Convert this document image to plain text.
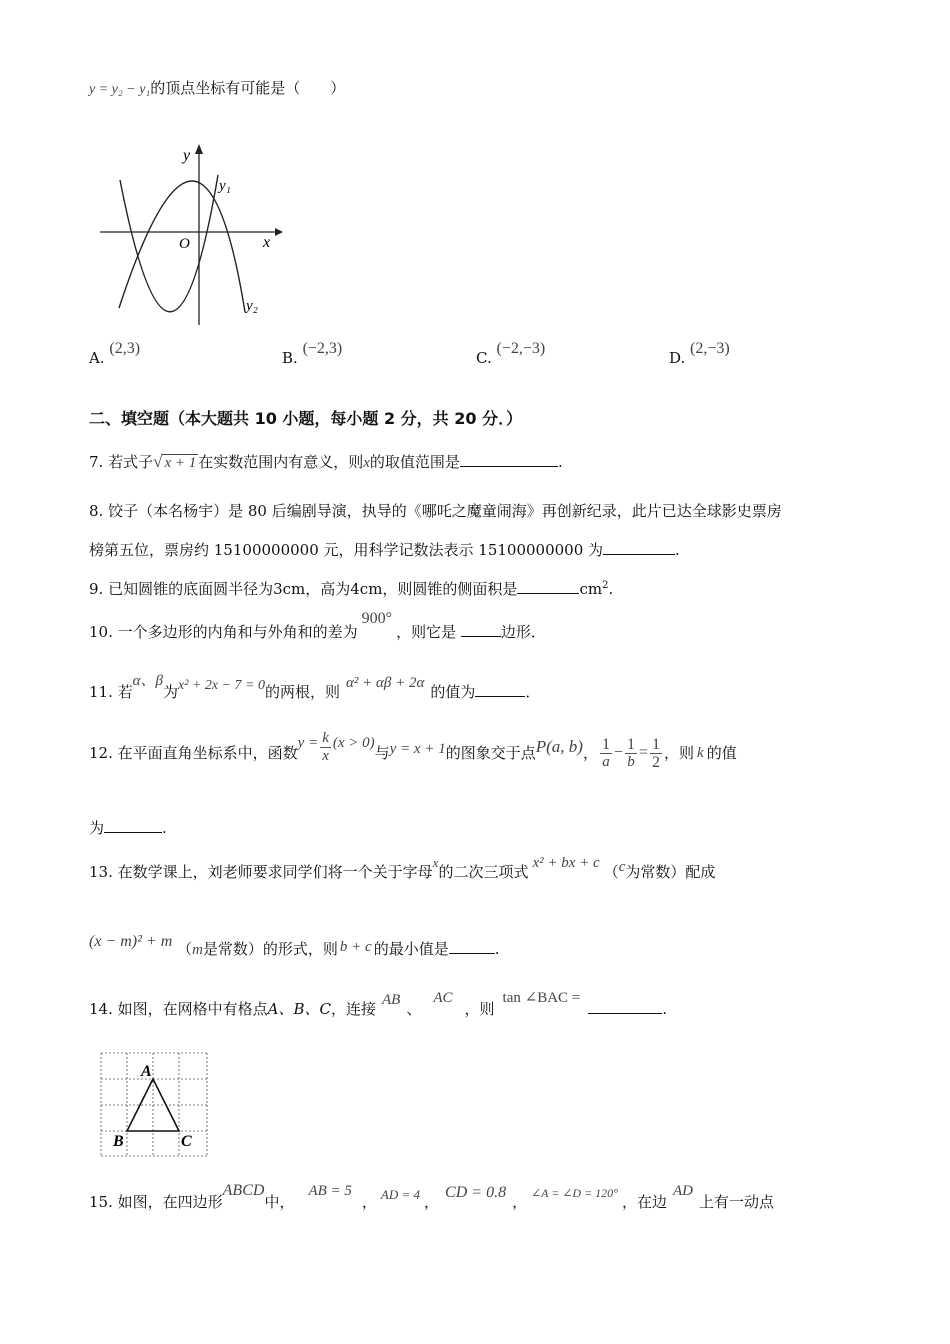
y = y₂ − y₁的顶点坐标有可能是（　　）
y
x
O
y₁
y₂
A. (2,3)
B. (−2,3)
C. (−2,−3)
D. (2,−3)
二、填空题（本大题共 10 小题，每小题 2 分，共 20 分．）
7. 若式子√ x + 1 在实数范围内有意义，则x的取值范围是	.
8. 饺子（本名杨宇）是 80 后编剧导演，执导的《哪吒之魔童闹海》再创新纪录，此片已达全球影史票房
榜第五位，票房约 15100000000 元，用科学记数法表示 15100000000 为	.
9. 已知圆锥的底面圆半径为3cm，高为4cm，则圆锥的侧面积是	$cm^2$.
10. 一个多边形的内角和与外角和的差为900°，则它是	边形．
11. 若α、β为x² + 2x − 7 = 0的两根，则 α² + αβ + 2α 的值为	．
12.
在平面直角坐标系中，函数
$y = \frac{k}{x} (x > 0)$
与 y = x + 1 的图象交于点 P(a, b) ， $\frac{1}{a} - \frac{1}{b} = \frac{1}{2}$ ，则 k 的值
为	.
13. 在数学课上，刘老师要求同学们将一个关于字母x的二次三项式 x² + bx + c （c为常数）配成
(x − m)² + m （m是常数）的形式，则 b + c 的最小值是	.
14. 如图，在网格中有格点A、B、C，连接 AB 、AC，则tan ∠BAC =.
A
B	C
15. 如图，在四边形ABCD中，AB = 5， AD = 4 ，CD = 0.8， $^{\angle A = \angle D = 120^\circ}$ ，在边AD上有一动点
